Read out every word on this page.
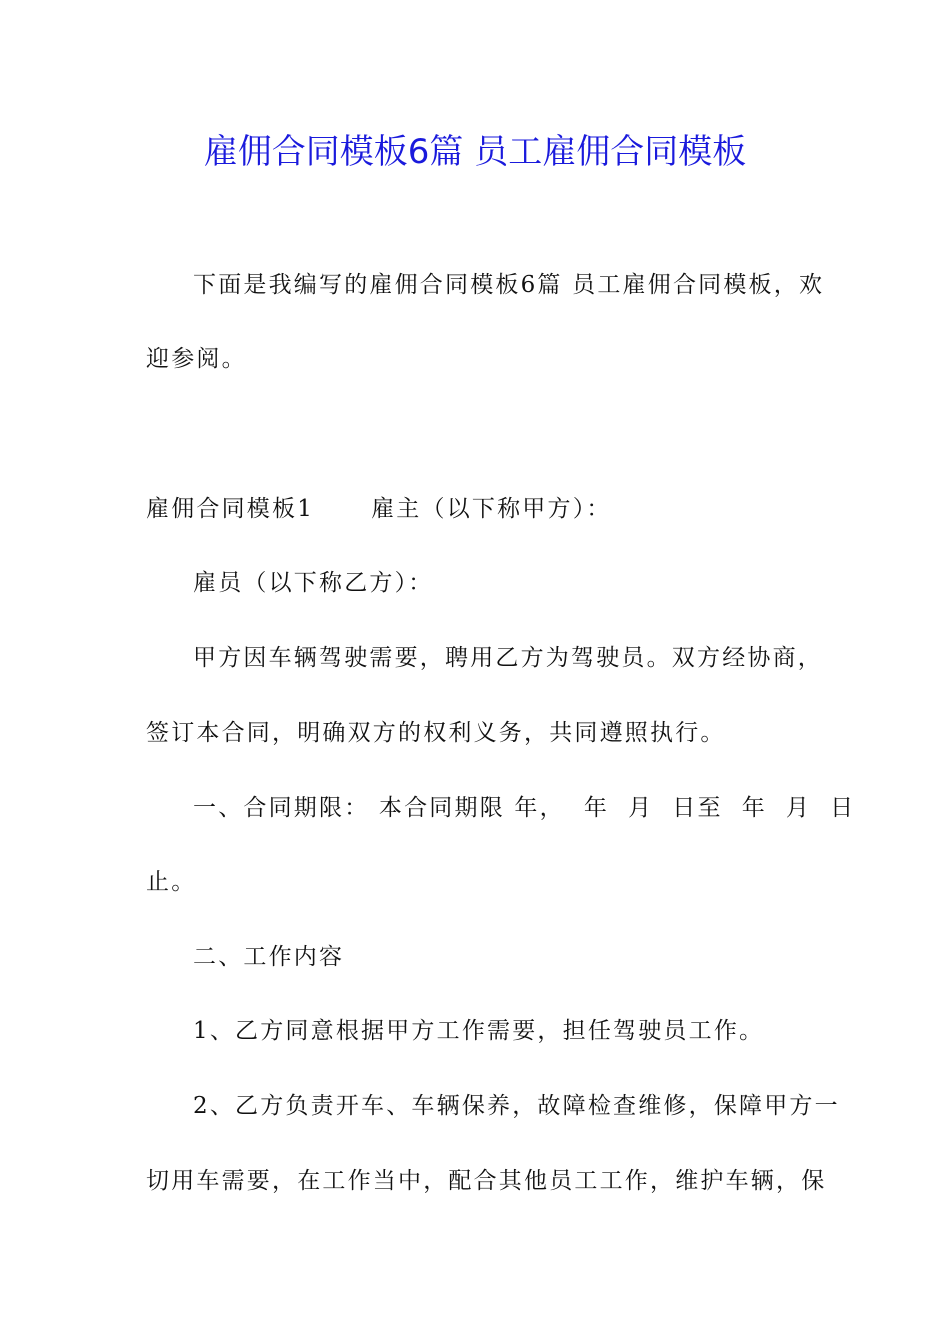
雇佣合同模板6篇 员工雇佣合同模板
下面是我编写的雇佣合同模板6篇 员工雇佣合同模板，欢
迎参阅。
雇佣合同模板1      雇主（以下称甲方）：
雇员（以下称乙方）：
甲方因车辆驾驶需要，聘用乙方为驾驶员。双方经协商，
签订本合同，明确双方的权利义务，共同遵照执行。
一、合同期限： 本合同期限 年，  年  月  日至  年  月  日
止。
二、工作内容
1、乙方同意根据甲方工作需要，担任驾驶员工作。
2、乙方负责开车、车辆保养，故障检查维修，保障甲方一
切用车需要，在工作当中，配合其他员工工作，维护车辆，保
